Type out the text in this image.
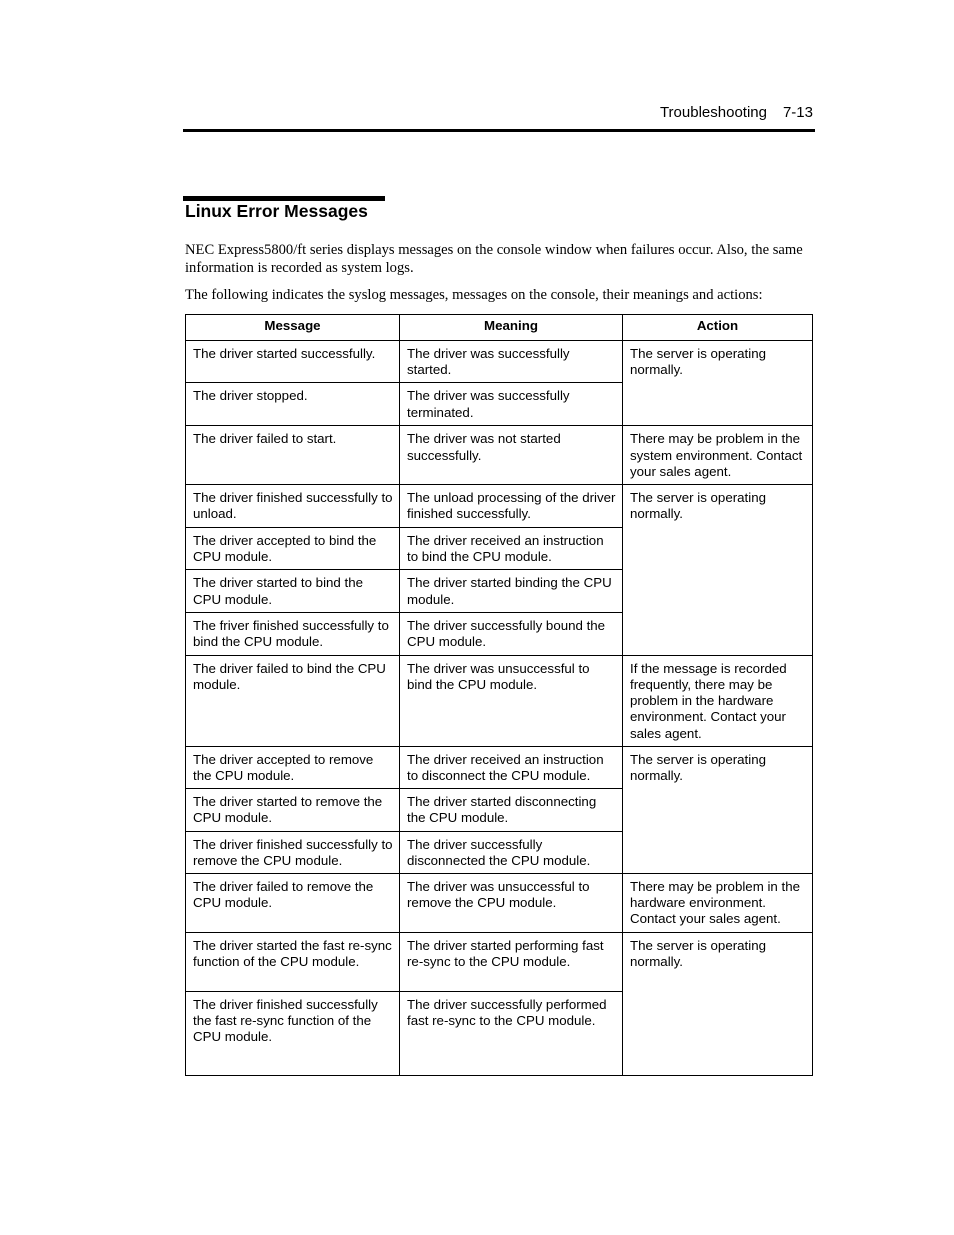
Troubleshooting 7-13
Linux Error Messages
NEC Express5800/ft series displays messages on the console window when failures occur. Also, the same information is recorded as system logs.
The following indicates the syslog messages, messages on the console, their meanings and actions:
Message	Meaning	Action
The driver started successfully.	The driver was successfully started.	The server is operating normally.
The driver stopped.	The driver was successfully terminated.	
The driver failed to start.	The driver was not started successfully.	There may be problem in the system environment. Contact your sales agent.
The driver finished successfully to unload.	The unload processing of the driver finished successfully.	The server is operating normally.
The driver accepted to bind the CPU module.	The driver received an instruction to bind the CPU module.	
The driver started to bind the CPU module.	The driver started binding the CPU module.	
The friver finished successfully to bind the CPU module.	The driver successfully bound the CPU module.	
The driver failed to bind the CPU module.	The driver was unsuccessful to bind the CPU module.	If the message is recorded frequently, there may be problem in the hardware environment. Contact your sales agent.
The driver accepted to remove the CPU module.	The driver received an instruction to disconnect the CPU module.	The server is operating normally.
The driver started to remove the CPU module.	The driver started disconnecting the CPU module.	
The driver finished successfully to remove the CPU module.	The driver successfully disconnected the CPU module.	
The driver failed to remove the CPU module.	The driver was unsuccessful to remove the CPU module.	There may be problem in the hardware environment. Contact your sales agent.
The driver started the fast re-sync function of the CPU module.	The driver started performing fast re-sync to the CPU module.	The server is operating normally.
The driver finished successfully the fast re-sync function of the CPU module.	The driver successfully performed fast re-sync to the CPU module.	
